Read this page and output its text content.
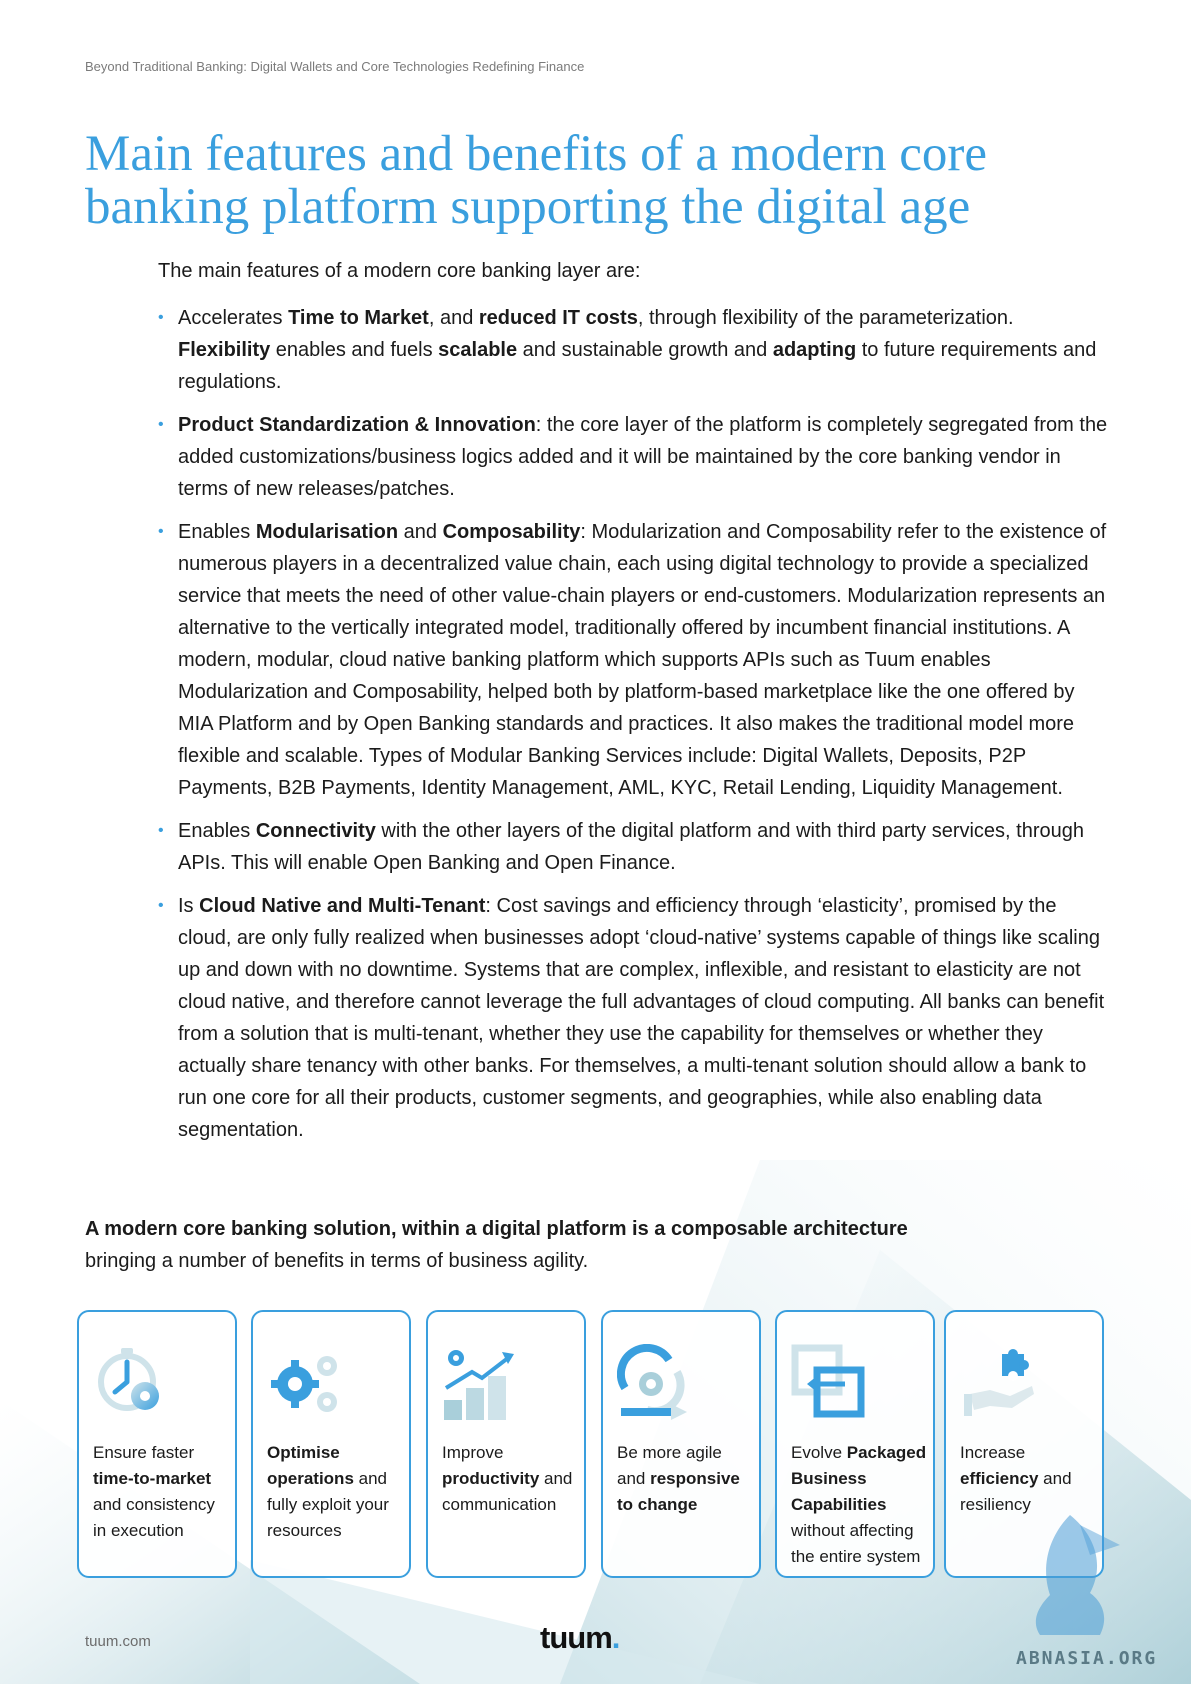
Beyond Traditional Banking: Digital Wallets and Core Technologies Redefining Finance
Main features and benefits of a modern core
banking platform supporting the digital age

The main features of a modern core banking layer are:

• Accelerates Time to Market, and reduced IT costs, through flexibility of the parameterization. Flexibility enables and fuels scalable and sustainable growth and adapting to future requirements and regulations.
• Product Standardization & Innovation: the core layer of the platform is completely segregated from the added customizations/business logics added and it will be maintained by the core banking vendor in terms of new releases/patches.
• Enables Modularisation and Composability: Modularization and Composability refer to the existence of numerous players in a decentralized value chain, each using digital technology to provide a specialized service that meets the need of other value-chain players or end-customers. Modularization represents an alternative to the vertically integrated model, traditionally offered by incumbent financial institutions. A modern, modular, cloud native banking platform which supports APIs such as Tuum enables Modularization and Composability, helped both by platform-based marketplace like the one offered by MIA Platform and by Open Banking standards and practices. It also makes the traditional model more flexible and scalable. Types of Modular Banking Services include: Digital Wallets, Deposits, P2P Payments, B2B Payments, Identity Management, AML, KYC, Retail Lending, Liquidity Management.
• Enables Connectivity with the other layers of the digital platform and with third party services, through APIs. This will enable Open Banking and Open Finance.
• Is Cloud Native and Multi-Tenant: Cost savings and efficiency through ‘elasticity’, promised by the cloud, are only fully realized when businesses adopt ‘cloud-native’ systems capable of things like scaling up and down with no downtime. Systems that are complex, inflexible, and resistant to elasticity are not cloud native, and therefore cannot leverage the full advantages of cloud computing. All banks can benefit from a solution that is multi-tenant, whether they use the capability for themselves or whether they actually share tenancy with other banks. For themselves, a multi-tenant solution should allow a bank to run one core for all their products, customer segments, and geographies, while also enabling data segmentation.

A modern core banking solution, within a digital platform is a composable architecture
bringing a number of benefits in terms of business agility.

Ensure faster time-to-market and consistency in execution
Optimise operations and fully exploit your resources
Improve productivity and communication
Be more agile and responsive to change
Evolve Packaged Business Capabilities without affecting the entire system
Increase efficiency and resiliency
tuum.com	tuum.
ABNASIA.ORG
